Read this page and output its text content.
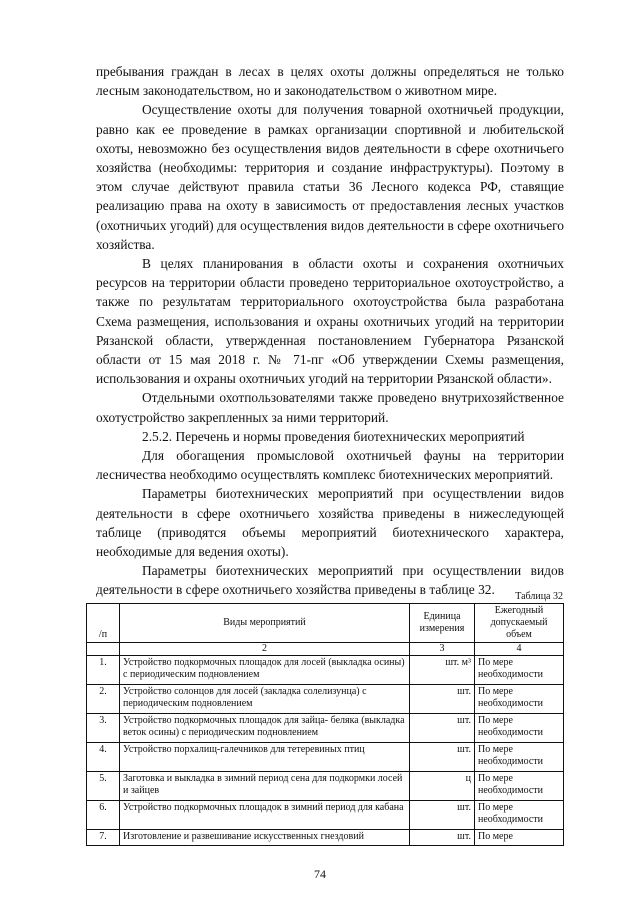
пребывания граждан в лесах в целях охоты должны определяться не только лесным законодательством, но и законодательством о животном мире.

Осуществление охоты для получения товарной охотничьей продукции, равно как ее проведение в рамках организации спортивной и любительской охоты, невозможно без осуществления видов деятельности в сфере охотничьего хозяйства (необходимы: территория и создание инфраструктуры). Поэтому в этом случае действуют правила статьи 36 Лесного кодекса РФ, ставящие реализацию права на охоту в зависимость от предоставления лесных участков (охотничьих угодий) для осуществления видов деятельности в сфере охотничьего хозяйства.

В целях планирования в области охоты и сохранения охотничьих ресурсов на территории области проведено территориальное охотоустройство, а также по результатам территориального охотоустройства была разработана Схема размещения, использования и охраны охотничьих угодий на территории Рязанской области, утвержденная постановлением Губернатора Рязанской области от 15 мая 2018 г. № 71-пг «Об утверждении Схемы размещения, использования и охраны охотничьих угодий на территории Рязанской области».

Отдельными охотпользователями также проведено внутрихозяйственное охотустройство закрепленных за ними территорий.

2.5.2. Перечень и нормы проведения биотехнических мероприятий

Для обогащения промысловой охотничьей фауны на территории лесничества необходимо осуществлять комплекс биотехнических мероприятий.

Параметры биотехнических мероприятий при осуществлении видов деятельности в сфере охотничьего хозяйства приведены в нижеследующей таблице (приводятся объемы мероприятий биотехнического характера, необходимые для ведения охоты).

Параметры биотехнических мероприятий при осуществлении видов деятельности в сфере охотничьего хозяйства приведены в таблице 32.	Таблица 32
/п	Виды мероприятий	Единица измерения	Ежегодный допускаемый объем
	2	3	4
1.	Устройство подкормочных площадок для лосей (выкладка осины) с периодическим подновлением	шт. м³	По мере необходимости
2.	Устройство солонцов для лосей (закладка солелизунца) с периодическим подновлением	шт.	По мере необходимости
3.	Устройство подкормочных площадок для зайца- беляка (выкладка веток осины) с периодическим подновлением	шт.	По мере необходимости
4.	Устройство порхалищ-галечников для тетеревиных птиц	шт.	По мере необходимости
5.	Заготовка и выкладка в зимний период сена для подкормки лосей и зайцев	ц	По мере необходимости
6.	Устройство подкормочных площадок в зимний период для кабана	шт.	По мере необходимости
7.	Изготовление и развешивание искусственных гнездовий	шт.	По мере
74
